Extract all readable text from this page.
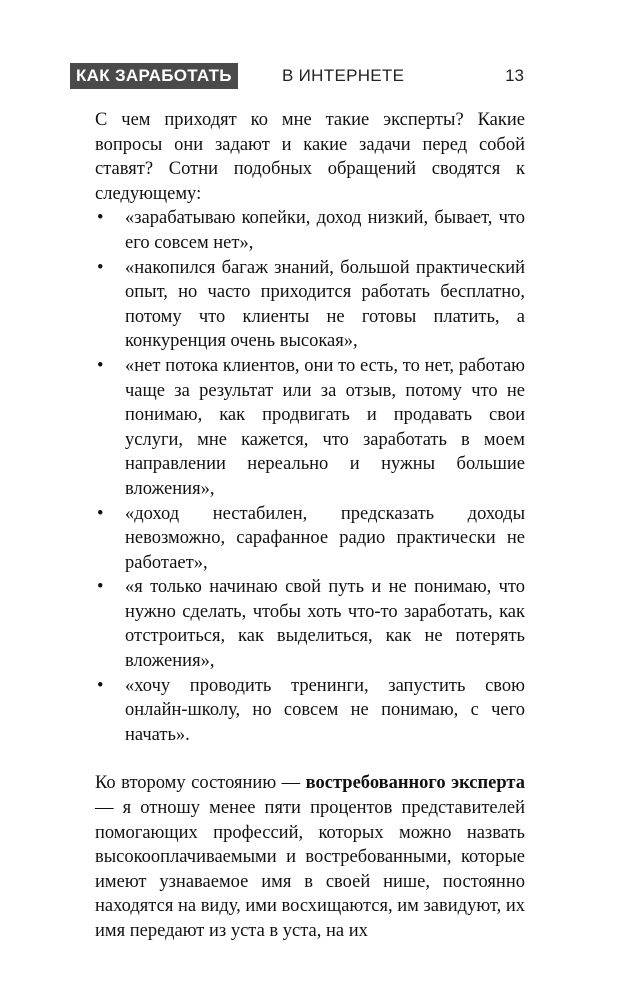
КАК ЗАРАБОТАТЬ	В ИНТЕРНЕТЕ	13

С чем приходят ко мне такие эксперты? Какие вопросы они задают и какие задачи перед собой ставят? Сотни подобных обращений сводятся к следующему:

• «зарабатываю копейки, доход низкий, бывает, что его совсем нет»,
• «накопился багаж знаний, большой практический опыт, но часто приходится работать бесплатно, потому что клиенты не готовы платить, а конкуренция очень высокая»,
• «нет потока клиентов, они то есть, то нет, работаю чаще за результат или за отзыв, потому что не понимаю, как продвигать и продавать свои услуги, мне кажется, что заработать в моем направлении нереально и нужны большие вложения»,
• «доход нестабилен, предсказать доходы невозможно, сарафанное радио практически не работает»,
• «я только начинаю свой путь и не понимаю, что нужно сделать, чтобы хоть что-то заработать, как отстроиться, как выделиться, как не потерять вложения»,
• «хочу проводить тренинги, запустить свою онлайн-школу, но совсем не понимаю, с чего начать».

Ко второму состоянию — востребованного эксперта — я отношу менее пяти процентов представителей помогающих профессий, которых можно назвать высокооплачиваемыми и востребованными, которые имеют узнаваемое имя в своей нише, постоянно находятся на виду, ими восхищаются, им завидуют, их имя передают из уста в уста, на их
